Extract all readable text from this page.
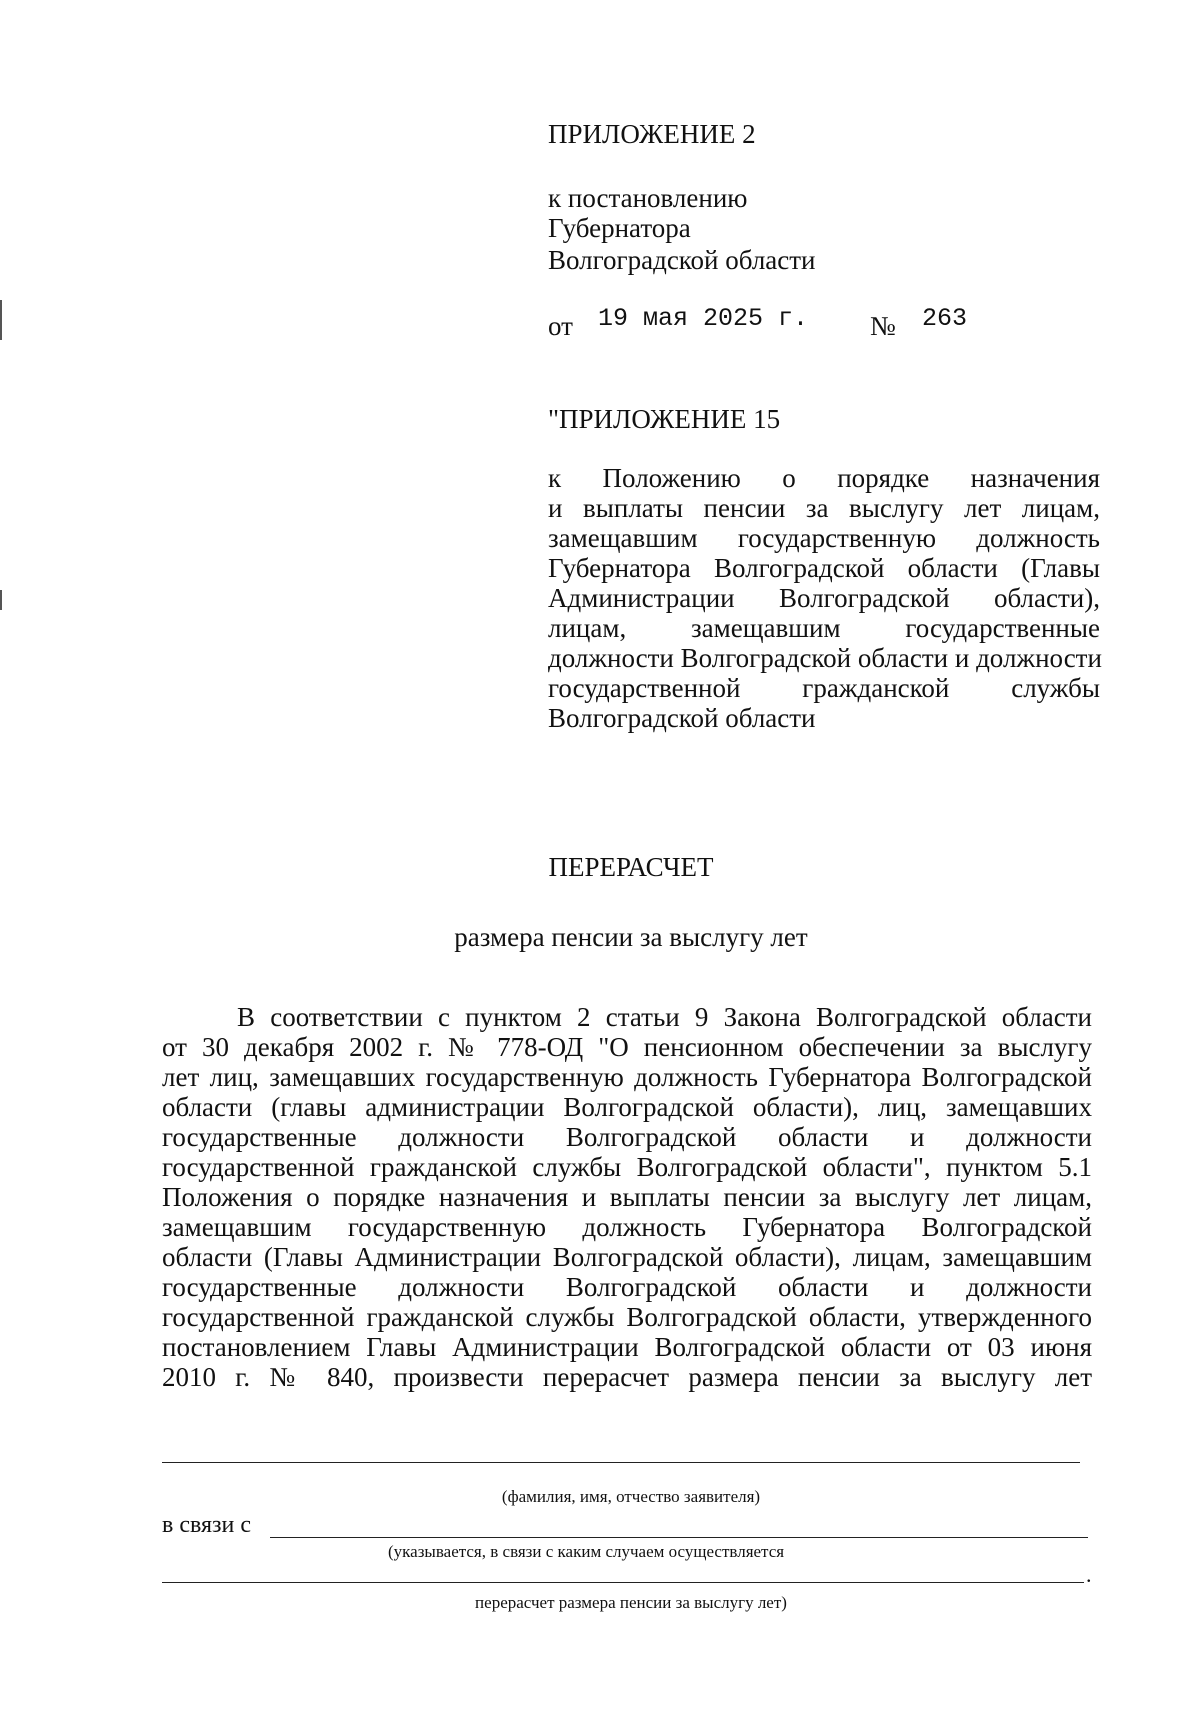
ПРИЛОЖЕНИЕ 2
к постановлению
Губернатора
Волгоградской области
от 19 мая 2025 г. № 263
"ПРИЛОЖЕНИЕ 15
к Положению о порядке назначения
и выплаты пенсии за выслугу лет лицам,
замещавшим государственную должность
Губернатора Волгоградской области (Главы
Администрации Волгоградской области),
лицам, замещавшим государственные
должности Волгоградской области и должности
государственной гражданской службы
Волгоградской области
ПЕРЕРАСЧЕТ
размера пенсии за выслугу лет
В соответствии с пунктом 2 статьи 9 Закона Волгоградской области
от 30 декабря 2002 г. № 778-ОД "О пенсионном обеспечении за выслугу
лет лиц, замещавших государственную должность Губернатора Волгоградской
области (главы администрации Волгоградской области), лиц, замещавших
государственные должности Волгоградской области и должности
государственной гражданской службы Волгоградской области", пунктом 5.1
Положения о порядке назначения и выплаты пенсии за выслугу лет лицам,
замещавшим государственную должность Губернатора Волгоградской
области (Главы Администрации Волгоградской области), лицам, замещавшим
государственные должности Волгоградской области и должности
государственной гражданской службы Волгоградской области, утвержденного
постановлением Главы Администрации Волгоградской области от 03 июня
2010 г. № 840, произвести перерасчет размера пенсии за выслугу лет
(фамилия, имя, отчество заявителя)
в связи с
(указывается, в связи с каким случаем осуществляется
.
перерасчет размера пенсии за выслугу лет)
